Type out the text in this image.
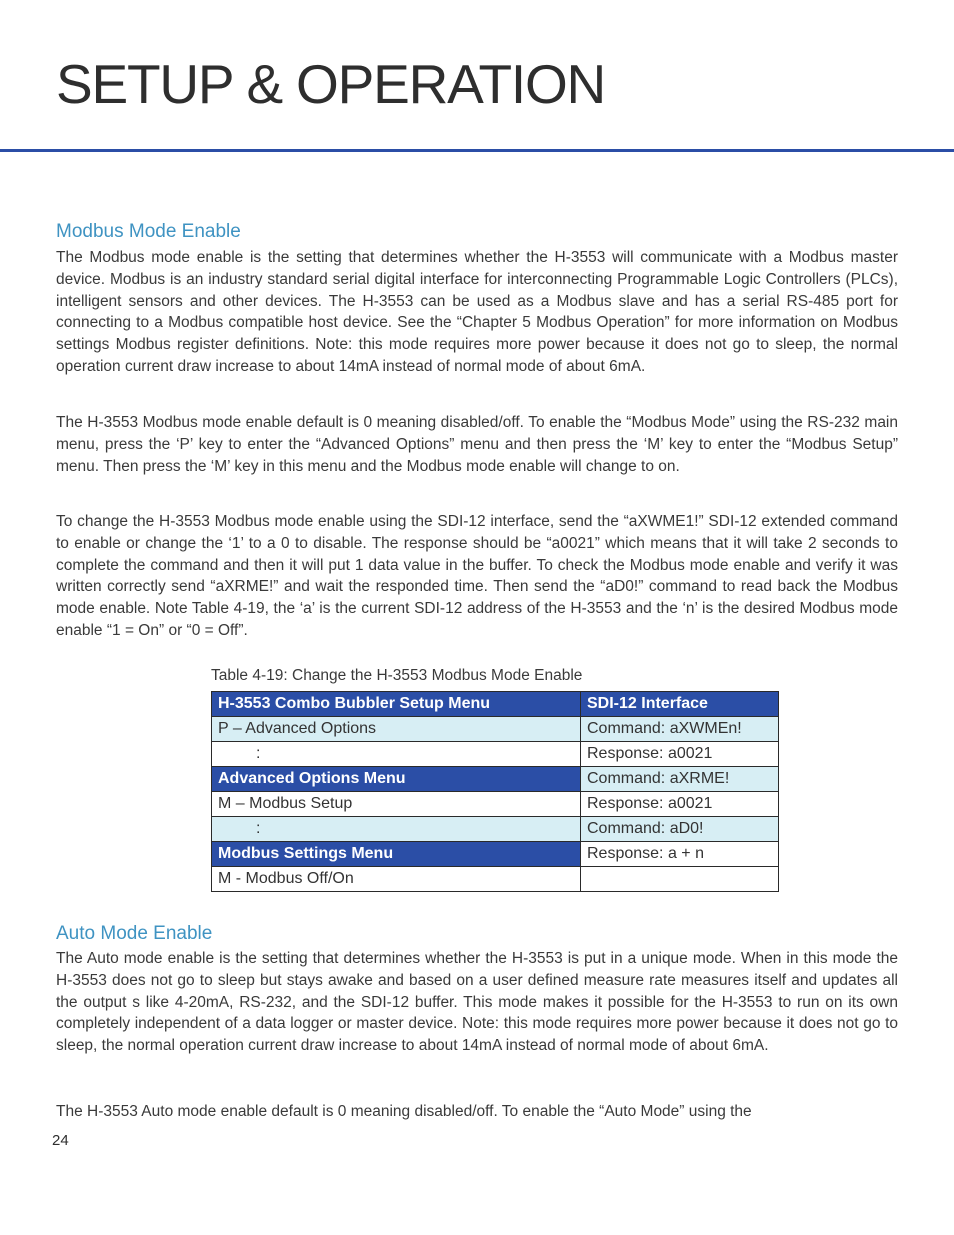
SETUP & OPERATION
Modbus Mode Enable

The Modbus mode enable is the setting that determines whether the H-3553 will communicate with a Modbus master device. Modbus is an industry standard serial digital interface for interconnecting Programmable Logic Controllers (PLCs), intelligent sensors and other devices. The H-3553 can be used as a Modbus slave and has a serial RS-485 port for connecting to a Modbus compatible host device. See the “Chapter 5 Modbus Operation” for more information on Modbus settings Modbus register definitions. Note: this mode requires more power because it does not go to sleep, the normal operation current draw increase to about 14mA instead of normal mode of about 6mA.

The H-3553 Modbus mode enable default is 0 meaning disabled/off. To enable the “Modbus Mode” using the RS-232 main menu, press the ‘P’ key to enter the “Advanced Options” menu and then press the ‘M’ key to enter the “Modbus Setup” menu. Then press the ‘M’ key in this menu and the Modbus mode enable will change to on.

To change the H-3553 Modbus mode enable using the SDI-12 interface, send the “aXWME1!” SDI-12 extended command to enable or change the ‘1’ to a 0 to disable. The response should be “a0021” which means that it will take 2 seconds to complete the command and then it will put 1 data value in the buffer. To check the Modbus mode enable and verify it was written correctly send “aXRME!” and wait the responded time. Then send the “aD0!” command to read back the Modbus mode enable. Note Table 4-19, the ‘a’ is the current SDI-12 address of the H-3553 and the ‘n’ is the desired Modbus mode enable “1 = On” or “0 = Off”.

Table 4-19: Change the H-3553 Modbus Mode Enable

H-3553 Combo Bubbler Setup Menu	SDI-12 Interface
P – Advanced Options	Command: aXWMEn!
:	Response: a0021
Advanced Options Menu	Command: aXRME!
M – Modbus Setup	Response: a0021
:	Command: aD0!
Modbus Settings Menu	Response: a + n
M - Modbus Off/On	
Auto Mode Enable

The Auto mode enable is the setting that determines whether the H-3553 is put in a unique mode. When in this mode the H-3553 does not go to sleep but stays awake and based on a user defined measure rate measures itself and updates all the output s like 4-20mA, RS-232, and the SDI-12 buffer. This mode makes it possible for the H-3553 to run on its own completely independent of a data logger or master device. Note: this mode requires more power because it does not go to sleep, the normal operation current draw increase to about 14mA instead of normal mode of about 6mA.

The H-3553 Auto mode enable default is 0 meaning disabled/off. To enable the “Auto Mode” using the

24
